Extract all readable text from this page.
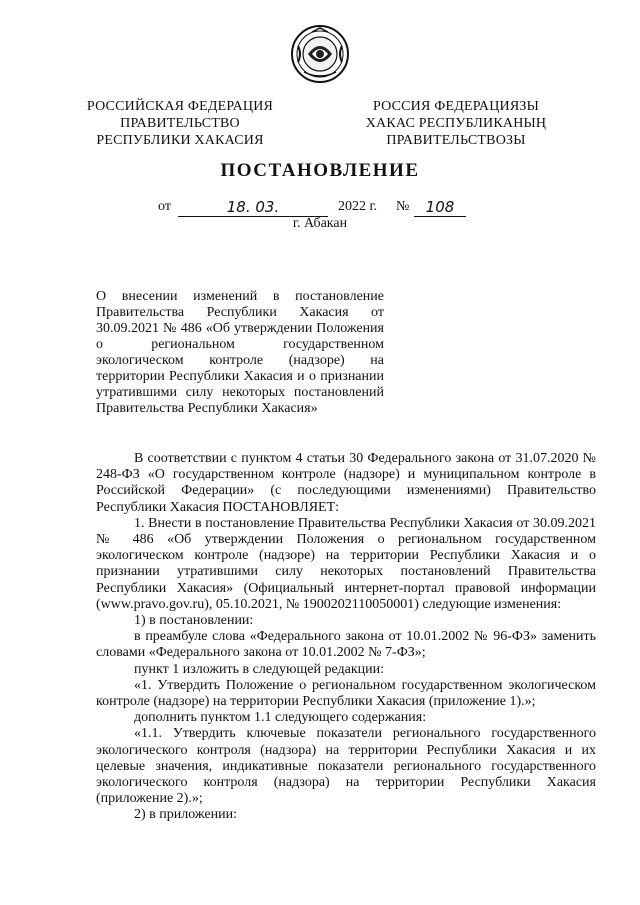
РОССИЙСКАЯ ФЕДЕРАЦИЯ
ПРАВИТЕЛЬСТВО
РЕСПУБЛИКИ ХАКАСИЯ
РОССИЯ ФЕДЕРАЦИЯЗЫ
ХАКАС РЕСПУБЛИКАНЫҢ
ПРАВИТЕЛЬСТВОЗЫ
ПОСТАНОВЛЕНИЕ
от	18. 03.	2022 г. №	108
г. Абакан
О внесении изменений в постановление Правительства Республики Хакасия от 30.09.2021 № 486 «Об утверждении Положения о региональном государственном экологическом контроле (надзоре) на территории Республики Хакасия и о признании утратившими силу некоторых постановлений Правительства Республики Хакасия»

В соответствии с пунктом 4 статьи 30 Федерального закона от 31.07.2020 № 248-ФЗ «О государственном контроле (надзоре) и муниципальном контроле в Российской Федерации» (с последующими изменениями) Правительство Республики Хакасия ПОСТАНОВЛЯЕТ:

1. Внести в постановление Правительства Республики Хакасия от 30.09.2021 № 486 «Об утверждении Положения о региональном государственном экологическом контроле (надзоре) на территории Республики Хакасия и о признании утратившими силу некоторых постановлений Правительства Республики Хакасия» (Официальный интернет-портал правовой информации (www.pravo.gov.ru), 05.10.2021, № 1900202110050001) следующие изменения:

1) в постановлении:

в преамбуле слова «Федерального закона от 10.01.2002 № 96-ФЗ» заменить словами «Федерального закона от 10.01.2002 № 7-ФЗ»;

пункт 1 изложить в следующей редакции:

«1. Утвердить Положение о региональном государственном экологическом контроле (надзоре) на территории Республики Хакасия (приложение 1).»;

дополнить пунктом 1.1 следующего содержания:

«1.1. Утвердить ключевые показатели регионального государственного экологического контроля (надзора) на территории Республики Хакасия и их целевые значения, индикативные показатели регионального государственного экологического контроля (надзора) на территории Республики Хакасия (приложение 2).»;

2) в приложении:
